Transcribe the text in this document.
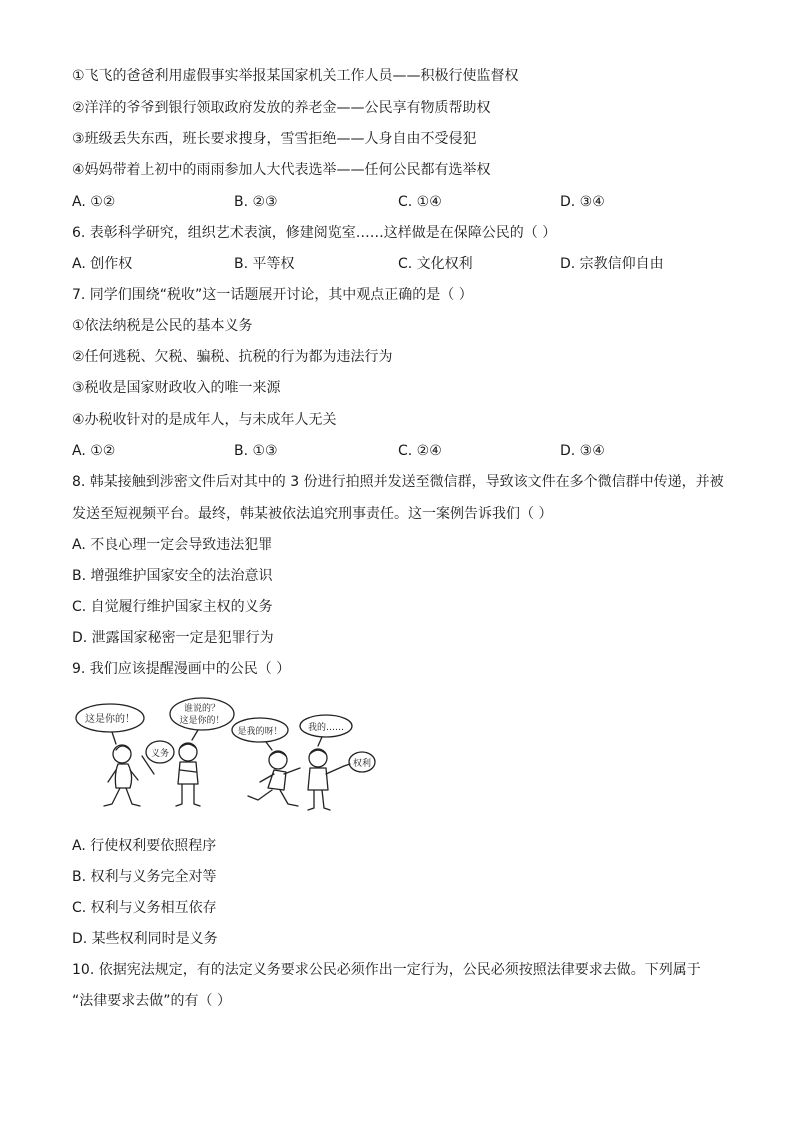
①飞飞的爸爸利用虚假事实举报某国家机关工作人员——积极行使监督权
②洋洋的爷爷到银行领取政府发放的养老金——公民享有物质帮助权
③班级丢失东西，班长要求搜身，雪雪拒绝——人身自由不受侵犯
④妈妈带着上初中的雨雨参加人大代表选举——任何公民都有选举权
A. ①②	B. ②③	C. ①④	D. ③④
6. 表彰科学研究，组织艺术表演，修建阅览室……这样做是在保障公民的（ ）
A. 创作权	B. 平等权	C. 文化权利	D. 宗教信仰自由
7. 同学们围绕“税收”这一话题展开讨论，其中观点正确的是（ ）
①依法纳税是公民的基本义务
②任何逃税、欠税、骗税、抗税的行为都为违法行为
③税收是国家财政收入的唯一来源
④办税收针对的是成年人，与未成年人无关
A. ①②	B. ①③	C. ②④	D. ③④
8. 韩某接触到涉密文件后对其中的 3 份进行拍照并发送至微信群，导致该文件在多个微信群中传递，并被
发送至短视频平台。最终，韩某被依法追究刑事责任。这一案例告诉我们（ ）
A. 不良心理一定会导致违法犯罪
B. 增强维护国家安全的法治意识
C. 自觉履行维护国家主权的义务
D. 泄露国家秘密一定是犯罪行为
9. 我们应该提醒漫画中的公民（ ）
这是你的！
义务
谁说的？
这是你的！
是我的呀！	我的……
权利
A. 行使权利要依照程序
B. 权利与义务完全对等
C. 权利与义务相互依存
D. 某些权利同时是义务
10. 依据宪法规定，有的法定义务要求公民必须作出一定行为，公民必须按照法律要求去做。下列属于
“法律要求去做”的有（ ）
